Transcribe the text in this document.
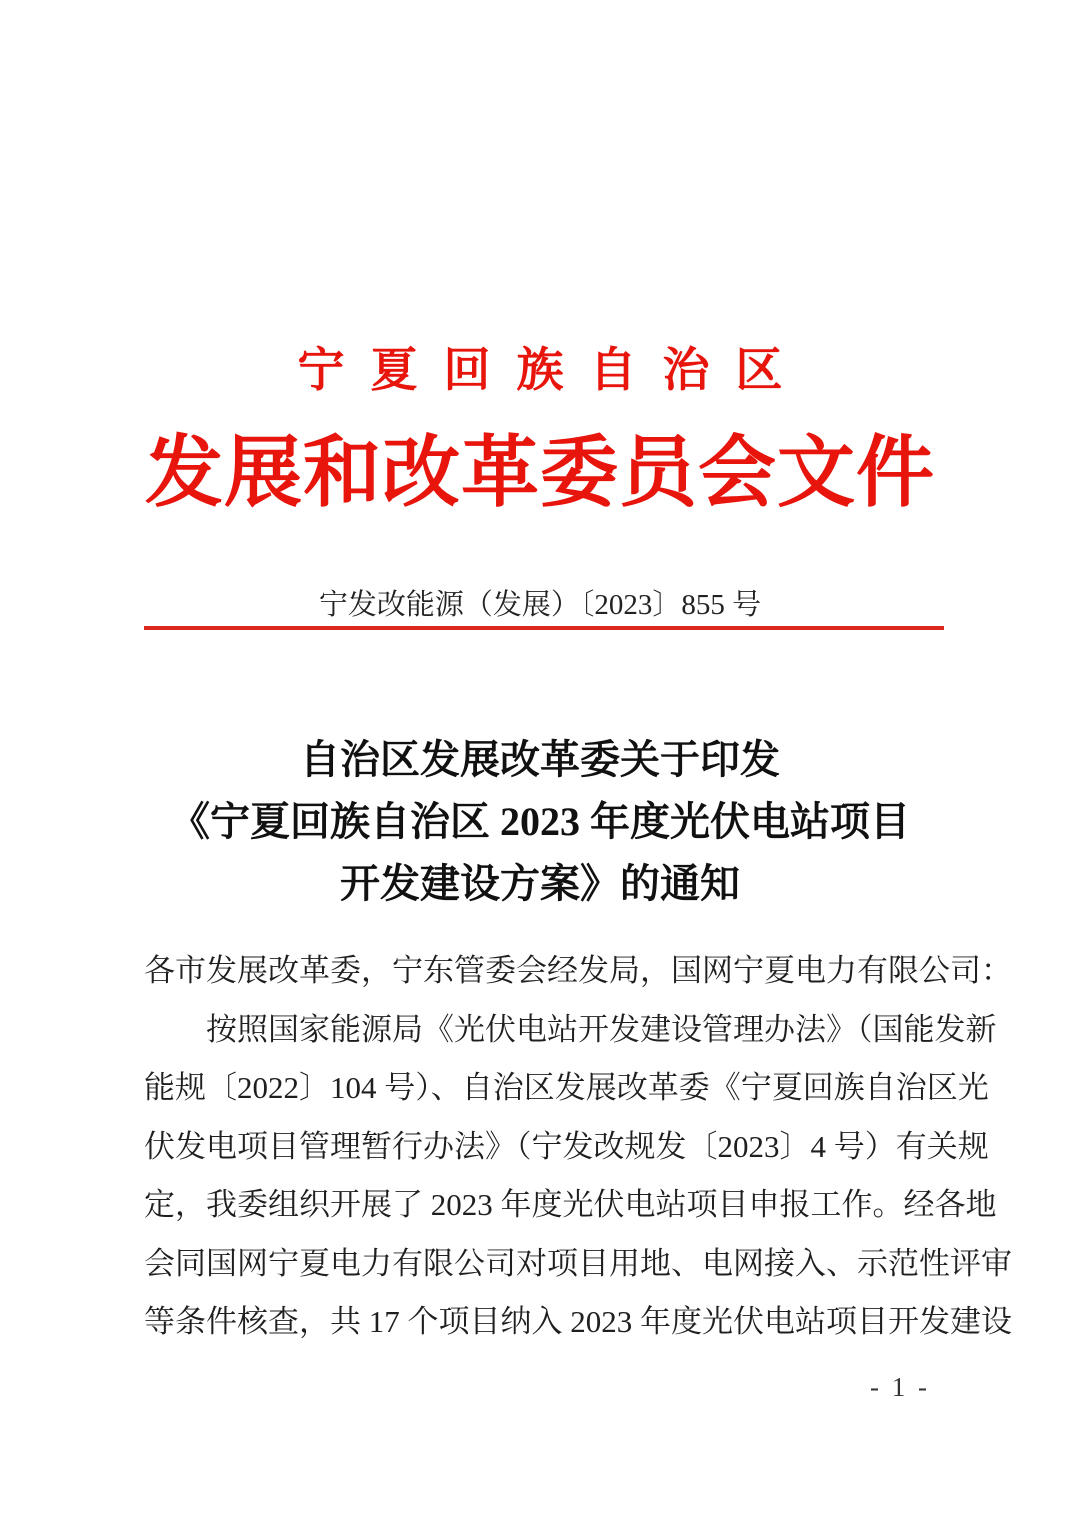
宁夏回族自治区
发展和改革委员会文件
宁发改能源（发展）〔2023〕855 号
自治区发展改革委关于印发
《宁夏回族自治区 2023 年度光伏电站项目
开发建设方案》的通知
各市发展改革委，宁东管委会经发局，国网宁夏电力有限公司：
按照国家能源局《光伏电站开发建设管理办法》（国能发新
能规〔2022〕104 号）、自治区发展改革委《宁夏回族自治区光
伏发电项目管理暂行办法》（宁发改规发〔2023〕4 号）有关规
定，我委组织开展了 2023 年度光伏电站项目申报工作。经各地
会同国网宁夏电力有限公司对项目用地、电网接入、示范性评审
等条件核查，共 17 个项目纳入 2023 年度光伏电站项目开发建设
- 1 -
